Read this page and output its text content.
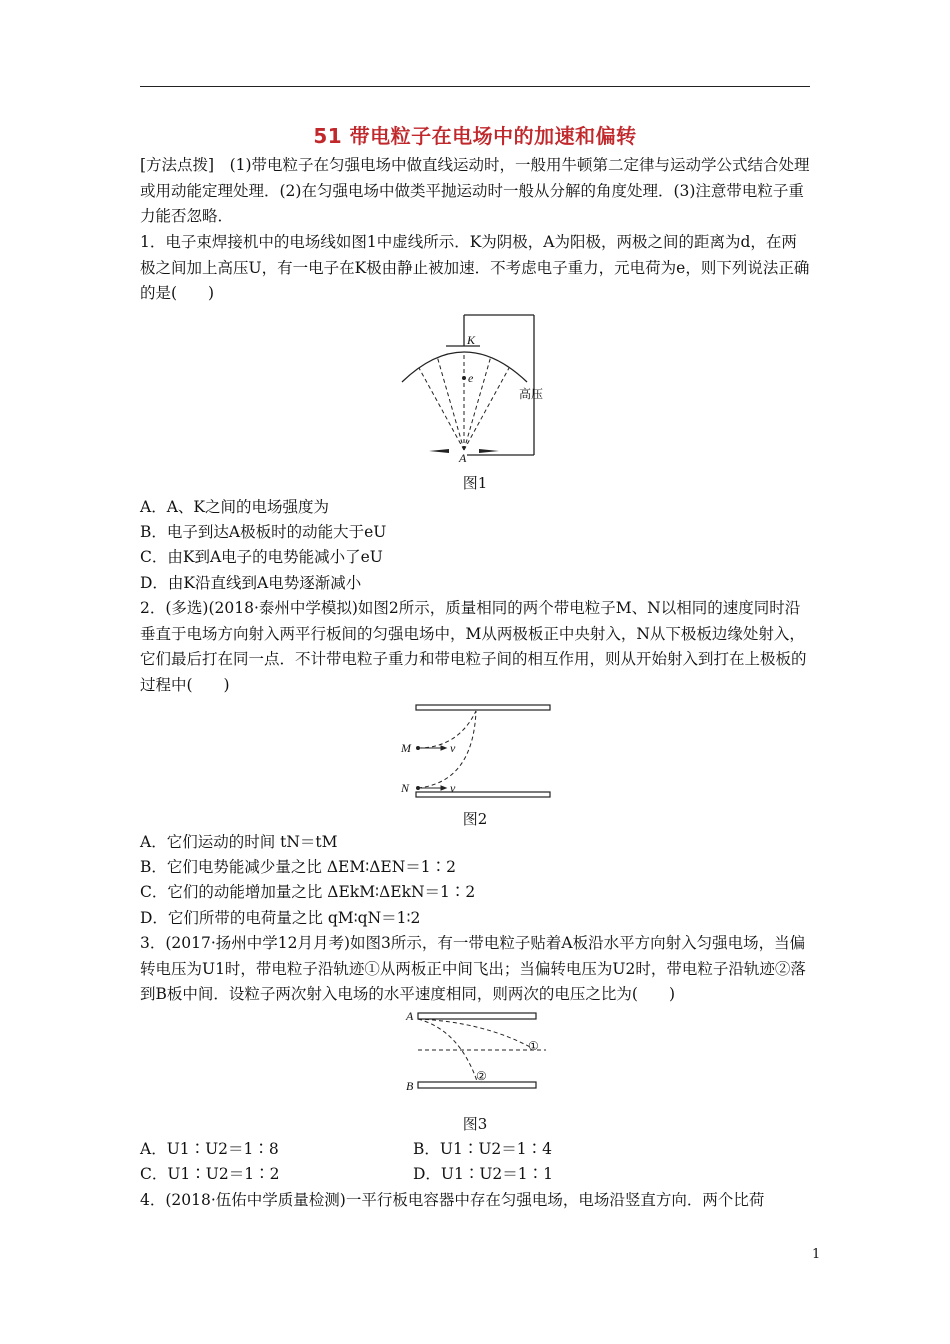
51 带电粒子在电场中的加速和偏转

[方法点拨]　(1)带电粒子在匀强电场中做直线运动时，一般用牛顿第二定律与运动学公式结合处理或用动能定理处理．(2)在匀强电场中做类平抛运动时一般从分解的角度处理．(3)注意带电粒子重力能否忽略．

1．电子束焊接机中的电场线如图1中虚线所示．K为阴极，A为阳极，两极之间的距离为d，在两极之间加上高压U，有一电子在K极由静止被加速．不考虑电子重力，元电荷为e，则下列说法正确的是(　　)

K
A
e
高压
图1
A．A、K之间的电场强度为
B．电子到达A极板时的动能大于eU
C．由K到A电子的电势能减小了eU
D．由K沿直线到A电势逐渐减小

2．(多选)(2018·泰州中学模拟)如图2所示，质量相同的两个带电粒子M、N以相同的速度同时沿垂直于电场方向射入两平行板间的匀强电场中，M从两极板正中央射入，N从下极板边缘处射入，它们最后打在同一点．不计带电粒子重力和带电粒子间的相互作用，则从开始射入到打在上极板的过程中(　　)

M
N
v
v
图2
A．它们运动的时间 tN＝tM
B．它们电势能减少量之比 ΔEM∶ΔEN＝1∶2
C．它们的动能增加量之比 ΔEkM∶ΔEkN＝1∶2
D．它们所带的电荷量之比 qM∶qN＝1∶2

3．(2017·扬州中学12月月考)如图3所示，有一带电粒子贴着A板沿水平方向射入匀强电场，当偏转电压为U1时，带电粒子沿轨迹①从两板正中间飞出；当偏转电压为U2时，带电粒子沿轨迹②落到B板中间．设粒子两次射入电场的水平速度相同，则两次的电压之比为(　　)

A
B
①
②
图3
A．U1∶U2＝1∶8	B．U1∶U2＝1∶4
C．U1∶U2＝1∶2	D．U1∶U2＝1∶1

4．(2018·伍佑中学质量检测)一平行板电容器中存在匀强电场，电场沿竖直方向．两个比荷

1
